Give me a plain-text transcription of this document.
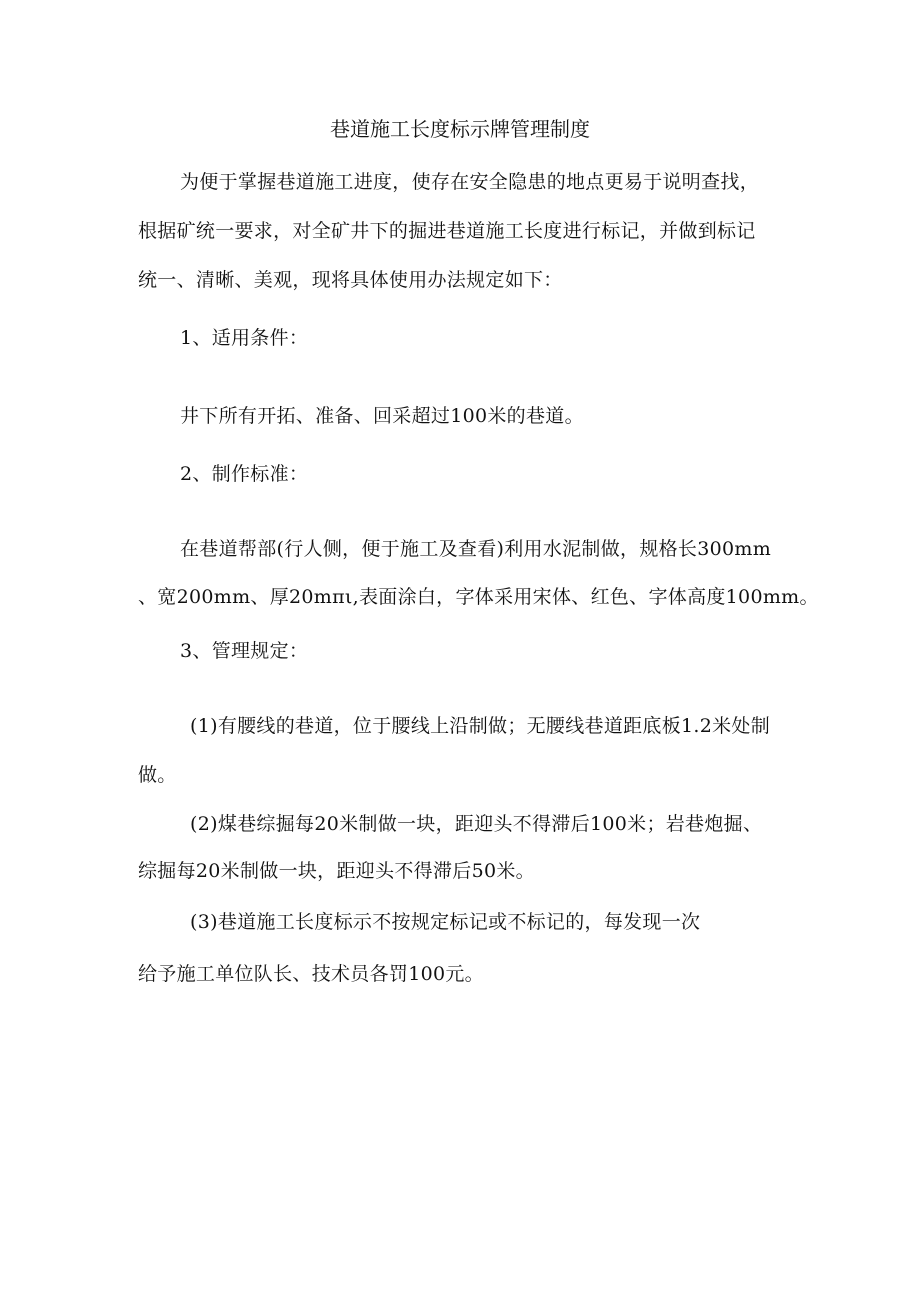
巷道施工长度标示牌管理制度
为便于掌握巷道施工进度，使存在安全隐患的地点更易于说明查找，
根据矿统一要求，对全矿井下的掘进巷道施工长度进行标记，并做到标记
统一、清晰、美观，现将具体使用办法规定如下：
1、适用条件：
井下所有开拓、准备、回采超过100米的巷道。
2、制作标准：
在巷道帮部(行人侧，便于施工及查看)利用水泥制做，规格长300mm
、宽200mm、厚20mπι,表面涂白，字体采用宋体、红色、字体高度100mm。
3、管理规定：
(1)有腰线的巷道，位于腰线上沿制做；无腰线巷道距底板1.2米处制
做。
(2)煤巷综掘每20米制做一块，距迎头不得滞后100米；岩巷炮掘、
综掘每20米制做一块，距迎头不得滞后50米。
(3)巷道施工长度标示不按规定标记或不标记的，每发现一次
给予施工单位队长、技术员各罚100元。
